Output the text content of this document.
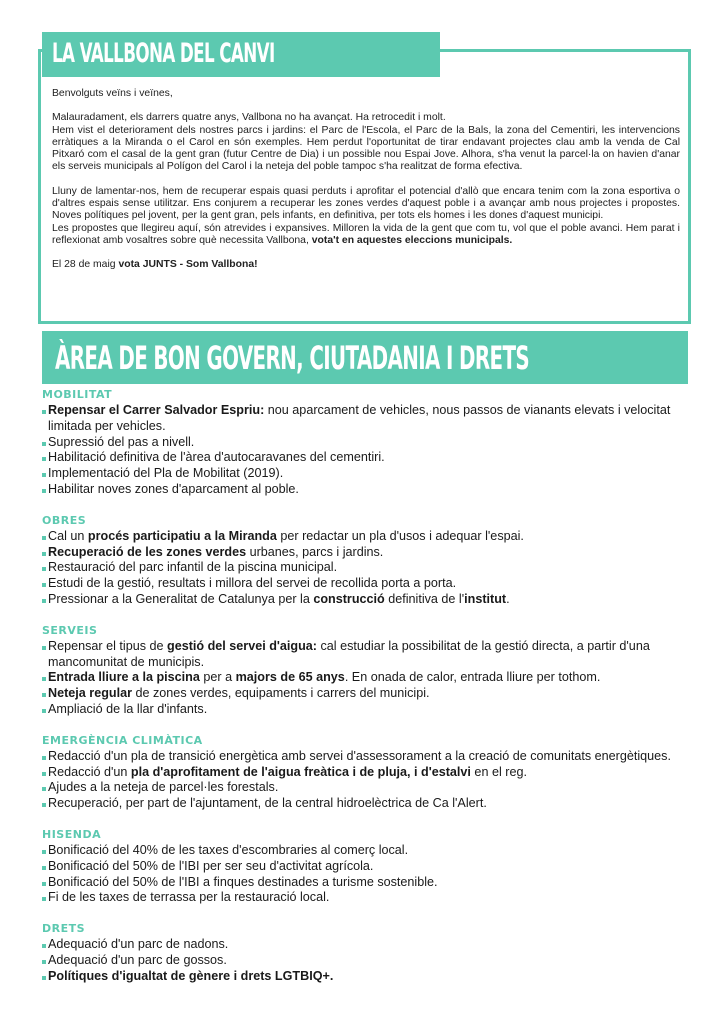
LA VALLBONA DEL CANVI

Benvolguts veïns i veïnes,

Malauradament, els darrers quatre anys, Vallbona no ha avançat. Ha retrocedit i molt.

Hem vist el deteriorament dels nostres parcs i jardins: el Parc de l'Escola, el Parc de la Bals, la zona del Cementiri, les intervencions erràtiques a la Miranda o el Carol en són exemples. Hem perdut l'oportunitat de tirar endavant projectes clau amb la venda de Cal Pitxaró com el casal de la gent gran (futur Centre de Dia) i un possible nou Espai Jove. Alhora, s'ha venut la parcel·la on havien d'anar els serveis municipals al Polígon del Carol i la neteja del poble tampoc s'ha realitzat de forma efectiva.

Lluny de lamentar-nos, hem de recuperar espais quasi perduts i aprofitar el potencial d'allò que encara tenim com la zona esportiva o d'altres espais sense utilitzar. Ens conjurem a recuperar les zones verdes d'aquest poble i a avançar amb nous projectes i propostes. Noves polítiques pel jovent, per la gent gran, pels infants, en definitiva, per tots els homes i les dones d'aquest municipi.

Les propostes que llegireu aquí, són atrevides i expansives. Milloren la vida de la gent que com tu, vol que el poble avanci. Hem parat i reflexionat amb vosaltres sobre què necessita Vallbona, vota't en aquestes eleccions municipals.

El 28 de maig vota JUNTS - Som Vallbona!

ÀREA DE BON GOVERN, CIUTADANIA I DRETS
MOBILITAT
Repensar el Carrer Salvador Espriu: nou aparcament de vehicles, nous passos de vianants elevats i velocitat limitada per vehicles.
Supressió del pas a nivell.
Habilitació definitiva de l'àrea d'autocaravanes del cementiri.
Implementació del Pla de Mobilitat (2019).
Habilitar noves zones d'aparcament al poble.
OBRES
Cal un procés participatiu a la Miranda per redactar un pla d'usos i adequar l'espai.
Recuperació de les zones verdes urbanes, parcs i jardins.
Restauració del parc infantil de la piscina municipal.
Estudi de la gestió, resultats i millora del servei de recollida porta a porta.
Pressionar a la Generalitat de Catalunya per la construcció definitiva de l'institut.
SERVEIS
Repensar el tipus de gestió del servei d'aigua: cal estudiar la possibilitat de la gestió directa, a partir d'una mancomunitat de municipis.
Entrada lliure a la piscina per a majors de 65 anys. En onada de calor, entrada lliure per tothom.
Neteja regular de zones verdes, equipaments i carrers del municipi.
Ampliació de la llar d'infants.
EMERGÈNCIA CLIMÀTICA
Redacció d'un pla de transició energètica amb servei d'assessorament a la creació de comunitats energètiques.
Redacció d'un pla d'aprofitament de l'aigua freàtica i de pluja, i d'estalvi en el reg.
Ajudes a la neteja de parcel·les forestals.
Recuperació, per part de l'ajuntament, de la central hidroelèctrica de Ca l'Alert.
HISENDA
Bonificació del 40% de les taxes d'escombraries al comerç local.
Bonificació del 50% de l'IBI per ser seu d'activitat agrícola.
Bonificació del 50% de l'IBI a finques destinades a turisme sostenible.
Fi de les taxes de terrassa per la restauració local.
DRETS
Adequació d'un parc de nadons.
Adequació d'un parc de gossos.
Polítiques d'igualtat de gènere i drets LGTBIQ+.
